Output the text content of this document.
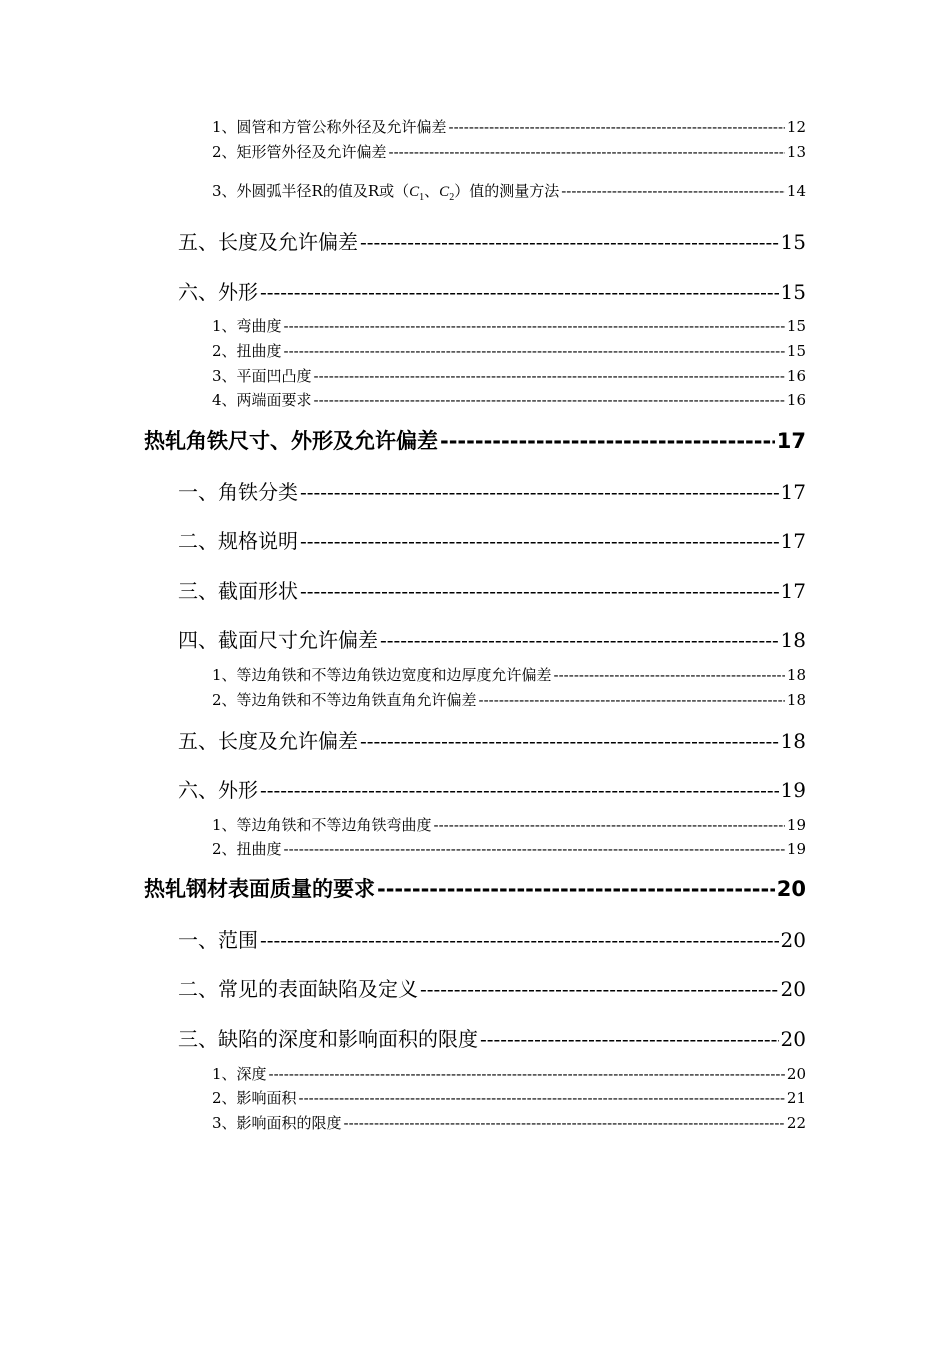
1、圆管和方管公称外径及允许偏差 -----	12
2、矩形管外径及允许偏差 -----	13
3、外圆弧半径R的值及R或（$C_1$、$C_2$）值的测量方法 -----	14
五、长度及允许偏差 -----	15
六、外形 -----	15
1、弯曲度 -----	15
2、扭曲度 -----	15
3、平面凹凸度 -----	16
4、两端面要求 -----	16
热轧角铁尺寸、外形及允许偏差 -----	17
一、角铁分类 -----	17
二、规格说明 -----	17
三、截面形状 -----	17
四、截面尺寸允许偏差 -----	18
1、等边角铁和不等边角铁边宽度和边厚度允许偏差 -----	18
2、等边角铁和不等边角铁直角允许偏差 -----	18
五、长度及允许偏差 -----	18
六、外形 -----	19
1、等边角铁和不等边角铁弯曲度 -----	19
2、扭曲度 -----	19
热轧钢材表面质量的要求 -----	20
一、范围 -----	20
二、常见的表面缺陷及定义 -----	20
三、缺陷的深度和影响面积的限度 -----	20
1、深度 -----	20
2、影响面积 -----	21
3、影响面积的限度 -----	22
